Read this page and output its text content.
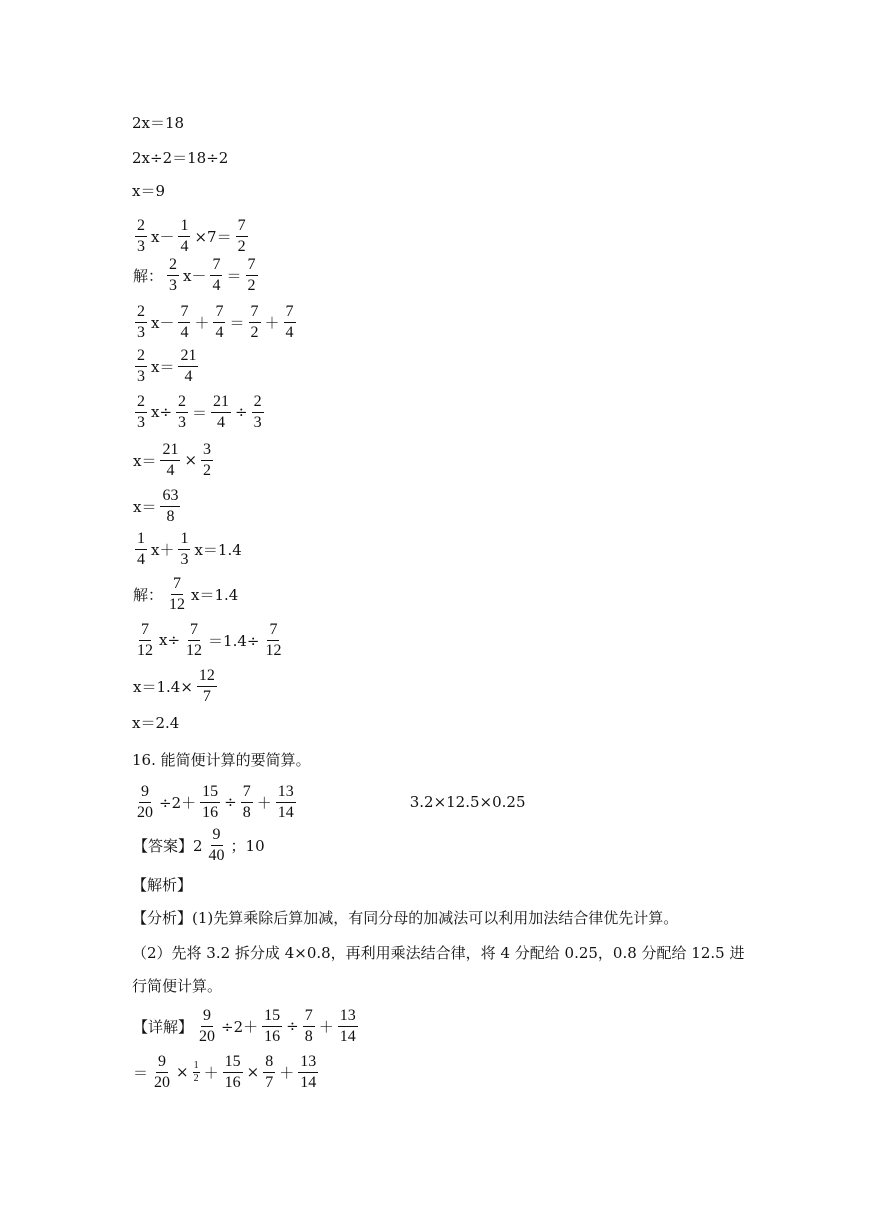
2x＝18
2x÷2＝18÷2
x＝9
$\frac{2}{3} x- \frac{1}{4} \times 7= \frac{7}{2}$
解： $\frac{2}{3} x- \frac{7}{4} = \frac{7}{2}$
$\frac{2}{3} x- \frac{7}{4} + \frac{7}{4} = \frac{7}{2} + \frac{7}{4}$
$\frac{2}{3} x= \frac{21}{4}$
$\frac{2}{3} x\div \frac{2}{3} = \frac{21}{4} \div \frac{2}{3}$
$x= \frac{21}{4} \times \frac{3}{2}$
$x= \frac{63}{8}$
$\frac{1}{4} x+ \frac{1}{3} x=1.4$
解： $\frac{7}{12} x=1.4$
$\frac{7}{12} x\div \frac{7}{12} =1.4\div \frac{7}{12}$
$x=1.4\times \frac{12}{7}$
x＝2.4
16. 能简便计算的要简算。
$\frac{9}{20} \div 2+ \frac{15}{16} \div \frac{7}{8} + \frac{13}{14}$	3.2×12.5×0.25
【答案】$2 \frac{9}{40}$ ；10
【解析】
【分析】(1)先算乘除后算加减，有同分母的加减法可以利用加法结合律优先计算。
（2）先将 3.2 拆分成 4×0.8，再利用乘法结合律，将 4 分配给 0.25，0.8 分配给 12.5 进
行简便计算。
【详解】 $\frac{9}{20} \div 2+ \frac{15}{16} \div \frac{7}{8} + \frac{13}{14}$
＝ $\frac{9}{20} \times \frac{1}{2} + \frac{15}{16} \times \frac{8}{7} + \frac{13}{14}$
